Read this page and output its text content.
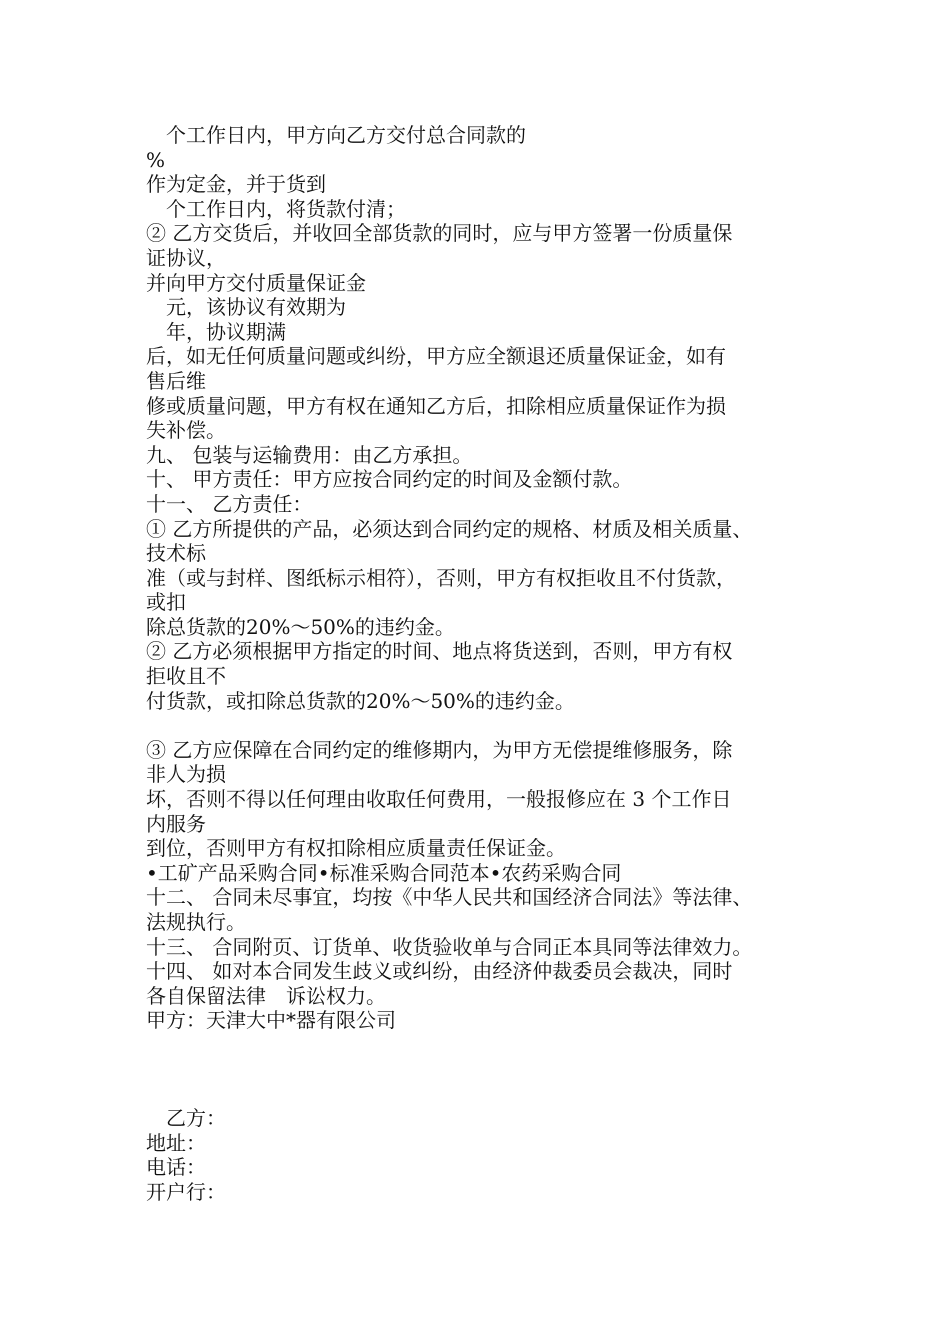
　个工作日内，甲方向乙方交付总合同款的
%
作为定金，并于货到
　个工作日内，将货款付清；
② 乙方交货后，并收回全部货款的同时，应与甲方签署一份质量保
证协议，
并向甲方交付质量保证金
　元，该协议有效期为
　年，协议期满
后，如无任何质量问题或纠纷，甲方应全额退还质量保证金，如有
售后维
修或质量问题，甲方有权在通知乙方后，扣除相应质量保证作为损
失补偿。
九、 包装与运输费用：由乙方承担。
十、 甲方责任：甲方应按合同约定的时间及金额付款。
十一、 乙方责任：
① 乙方所提供的产品，必须达到合同约定的规格、材质及相关质量、
技术标
准（或与封样、图纸标示相符），否则，甲方有权拒收且不付货款，
或扣
除总货款的20%～50%的违约金。
② 乙方必须根据甲方指定的时间、地点将货送到，否则，甲方有权
拒收且不
付货款，或扣除总货款的20%～50%的违约金。
③ 乙方应保障在合同约定的维修期内，为甲方无偿提维修服务，除
非人为损
坏，否则不得以任何理由收取任何费用，一般报修应在 3 个工作日
内服务
到位，否则甲方有权扣除相应质量责任保证金。
•工矿产品采购合同•标准采购合同范本•农药采购合同
十二、 合同未尽事宜，均按《中华人民共和国经济合同法》等法律、
法规执行。
十三、 合同附页、订货单、收货验收单与合同正本具同等法律效力。
十四、 如对本合同发生歧义或纠纷，由经济仲裁委员会裁决，同时
各自保留法律　诉讼权力。
甲方：天津大中*器有限公司
　乙方：
地址：
电话：
开户行：
